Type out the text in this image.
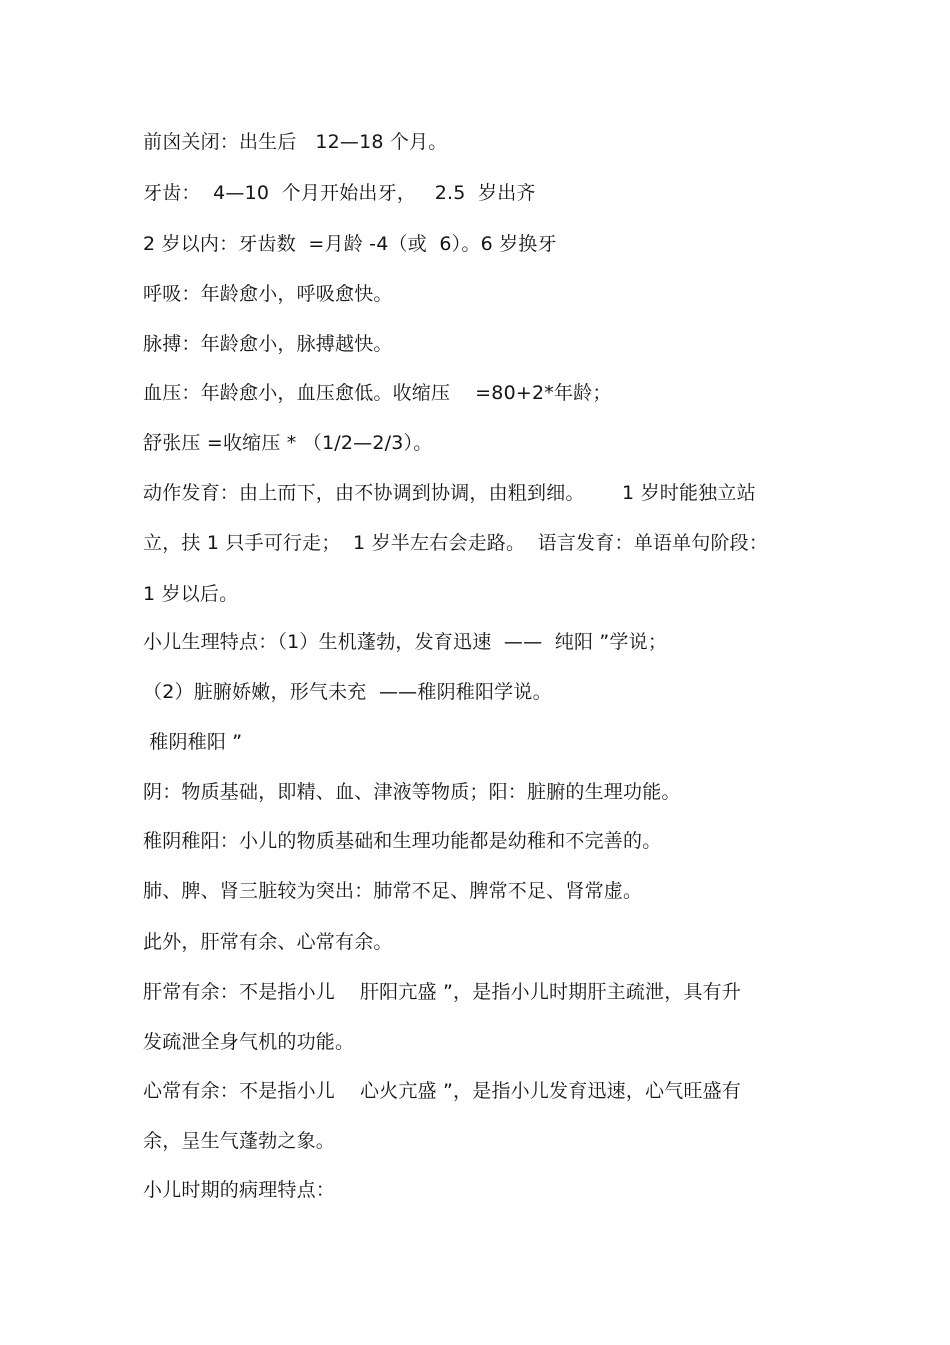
前囟关闭：出生后   12—18 个月。
牙齿：  4—10  个月开始出牙，   2.5  岁出齐
2 岁以内：牙齿数  =月龄 -4（或  6）。6 岁换牙
呼吸：年龄愈小，呼吸愈快。
脉搏：年龄愈小，脉搏越快。
血压：年龄愈小，血压愈低。收缩压    =80+2*年龄；
舒张压 =收缩压 * （1/2—2/3）。
动作发育：由上而下，由不协调到协调，由粗到细。      1 岁时能独立站
立，扶 1 只手可行走；  1 岁半左右会走路。  语言发育：单语单句阶段：
1 岁以后。
小儿生理特点：（1）生机蓬勃，发育迅速  ——  纯阳 ”学说；
（2）脏腑娇嫩，形气未充  ——稚阴稚阳学说。
稚阴稚阳 ”
阴：物质基础，即精、血、津液等物质；阳：脏腑的生理功能。
稚阴稚阳：小儿的物质基础和生理功能都是幼稚和不完善的。
肺、脾、肾三脏较为突出：肺常不足、脾常不足、肾常虚。
此外，肝常有余、心常有余。
肝常有余：不是指小儿    肝阳亢盛 ”，是指小儿时期肝主疏泄，具有升
发疏泄全身气机的功能。
心常有余：不是指小儿    心火亢盛 ”，是指小儿发育迅速，心气旺盛有
余，呈生气蓬勃之象。
小儿时期的病理特点：
